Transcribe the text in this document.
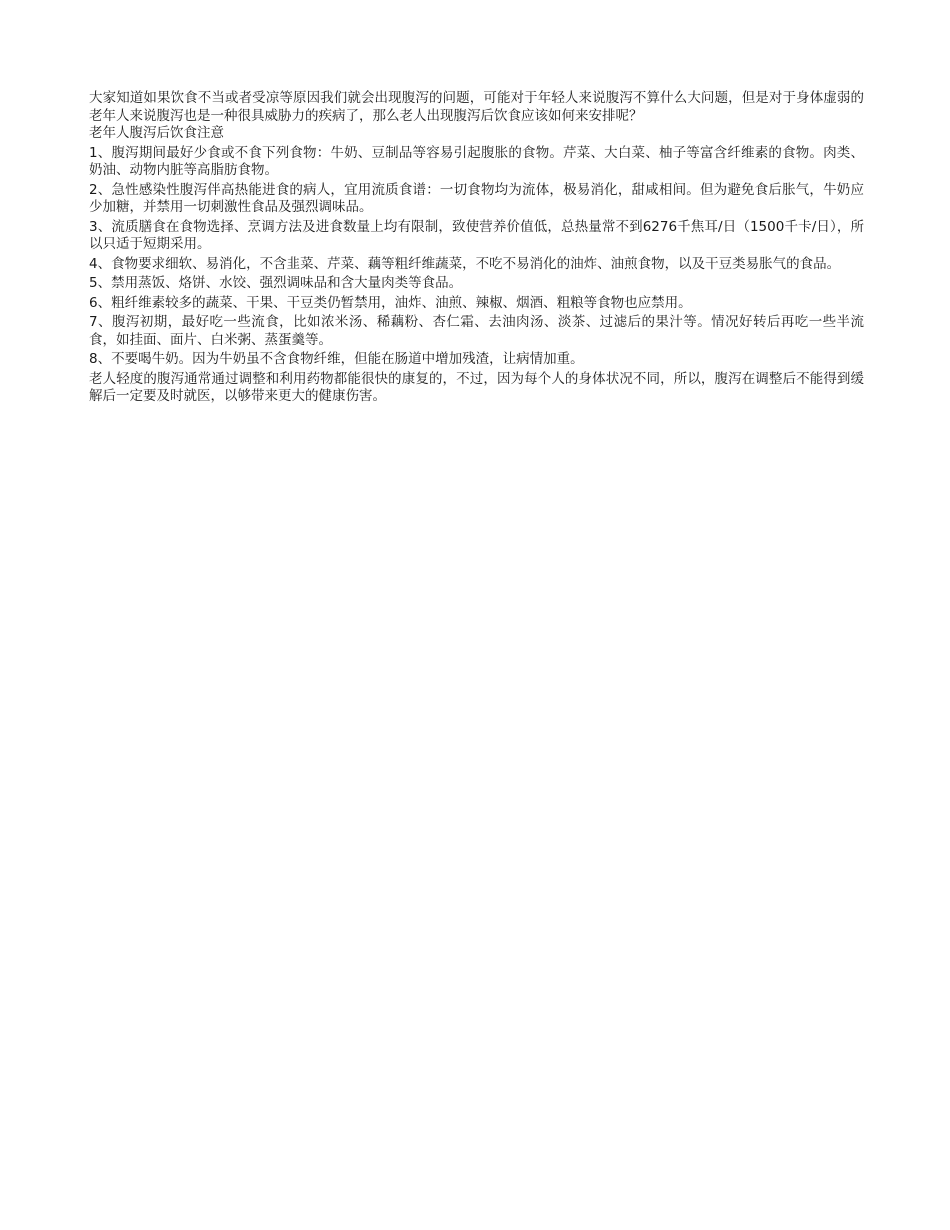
大家知道如果饮食不当或者受凉等原因我们就会出现腹泻的问题，可能对于年轻人来说腹泻不算什么大问题，但是对于身体虚弱的老年人来说腹泻也是一种很具威胁力的疾病了，那么老人出现腹泻后饮食应该如何来安排呢？

老年人腹泻后饮食注意

1、腹泻期间最好少食或不食下列食物：牛奶、豆制品等容易引起腹胀的食物。芹菜、大白菜、柚子等富含纤维素的食物。肉类、奶油、动物内脏等高脂肪食物。

2、急性感染性腹泻伴高热能进食的病人，宜用流质食谱：一切食物均为流体，极易消化，甜咸相间。但为避免食后胀气，牛奶应少加糖，并禁用一切刺激性食品及强烈调味品。

3、流质膳食在食物选择、烹调方法及进食数量上均有限制，致使营养价值低，总热量常不到6276千焦耳/日（1500千卡/日），所以只适于短期采用。

4、食物要求细软、易消化，不含韭菜、芹菜、藕等粗纤维蔬菜，不吃不易消化的油炸、油煎食物，以及干豆类易胀气的食品。

5、禁用蒸饭、烙饼、水饺、强烈调味品和含大量肉类等食品。

6、粗纤维素较多的蔬菜、干果、干豆类仍暂禁用，油炸、油煎、辣椒、烟酒、粗粮等食物也应禁用。

7、腹泻初期，最好吃一些流食，比如浓米汤、稀藕粉、杏仁霜、去油肉汤、淡茶、过滤后的果汁等。情况好转后再吃一些半流食，如挂面、面片、白米粥、蒸蛋羹等。

8、不要喝牛奶。因为牛奶虽不含食物纤维，但能在肠道中增加残渣，让病情加重。

老人轻度的腹泻通常通过调整和利用药物都能很快的康复的，不过，因为每个人的身体状况不同，所以，腹泻在调整后不能得到缓解后一定要及时就医，以够带来更大的健康伤害。
